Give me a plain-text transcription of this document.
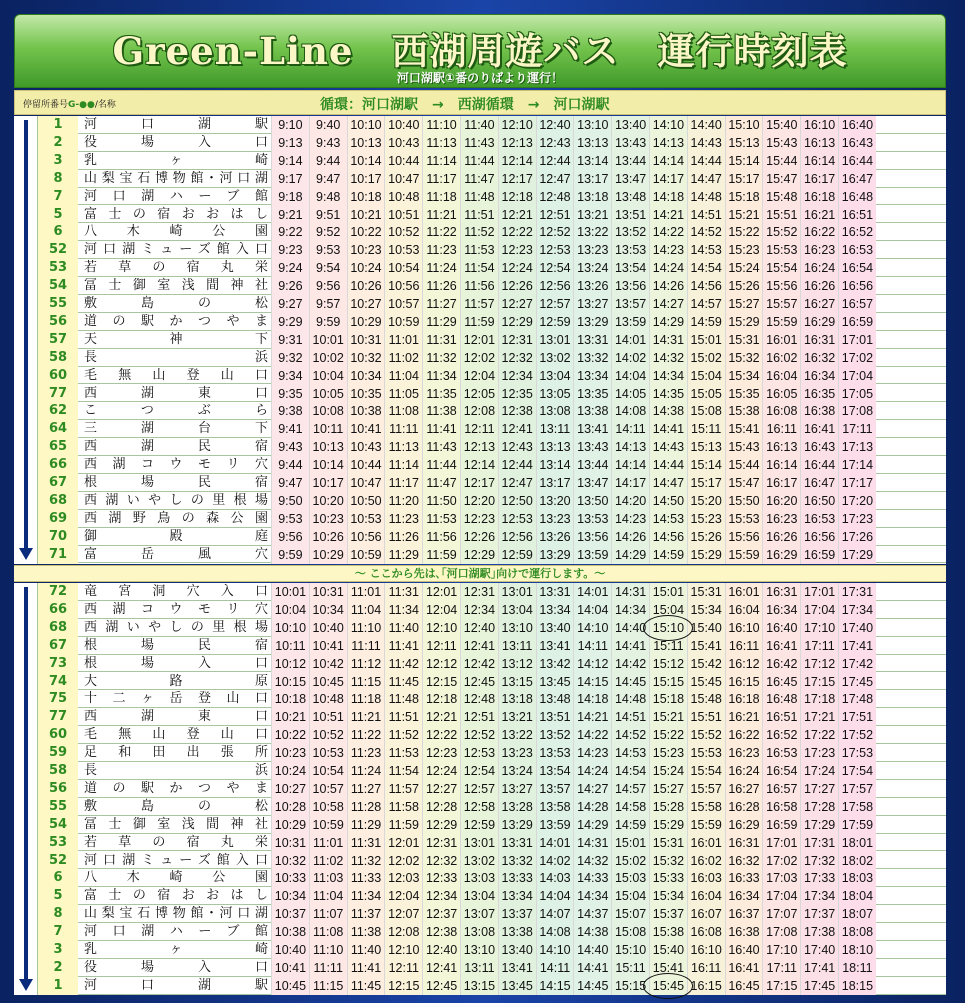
Green-Line　西湖周遊バス　運行時刻表
河口湖駅①番のりばより運行！
停留所番号G-●●/名称	循環：河口湖駅　→　西湖循環　→　河口湖駅
1	河口湖駅 9:10	9:40 10:10 10:40 11:10 11:40 12:10 12:40 13:10 13:40 14:10 14:40 15:10 15:40 16:10 16:40
2	役場入口 9:13	9:43 10:13 10:43 11:13 11:43 12:13 12:43 13:13 13:43 14:13 14:43 15:13 15:43 16:13 16:43
3	乳ヶ崎 9:14	9:44 10:14 10:44 11:14 11:44 12:14 12:44 13:14 13:44 14:14 14:44 15:14 15:44 16:14 16:44
8	山梨宝石博物館･河口湖 9:17	9:47 10:17 10:47 11:17 11:47 12:17 12:47 13:17 13:47 14:17 14:47 15:17 15:47 16:17 16:47
7	河口湖ハーブ館 9:18	9:48 10:18 10:48 11:18 11:48 12:18 12:48 13:18 13:48 14:18 14:48 15:18 15:48 16:18 16:48
5	富士の宿おおはし 9:21	9:51 10:21 10:51 11:21 11:51 12:21 12:51 13:21 13:51 14:21 14:51 15:21 15:51 16:21 16:51
6	八木崎公園 9:22	9:52 10:22 10:52 11:22 11:52 12:22 12:52 13:22 13:52 14:22 14:52 15:22 15:52 16:22 16:52
52	河口湖ミューズ館入口 9:23	9:53 10:23 10:53 11:23 11:53 12:23 12:53 13:23 13:53 14:23 14:53 15:23 15:53 16:23 16:53
53	若草の宿丸栄 9:24	9:54 10:24 10:54 11:24 11:54 12:24 12:54 13:24 13:54 14:24 14:54 15:24 15:54 16:24 16:54
54	冨士御室浅間神社 9:26	9:56 10:26 10:56 11:26 11:56 12:26 12:56 13:26 13:56 14:26 14:56 15:26 15:56 16:26 16:56
55	敷島の松 9:27	9:57 10:27 10:57 11:27 11:57 12:27 12:57 13:27 13:57 14:27 14:57 15:27 15:57 16:27 16:57
56	道の駅かつやま 9:29	9:59 10:29 10:59 11:29 11:59 12:29 12:59 13:29 13:59 14:29 14:59 15:29 15:59 16:29 16:59
57	天神下 9:31 10:01 10:31 11:01 11:31 12:01 12:31 13:01 13:31 14:01 14:31 15:01 15:31 16:01 16:31 17:01
58	長浜 9:32 10:02 10:32 11:02 11:32 12:02 12:32 13:02 13:32 14:02 14:32 15:02 15:32 16:02 16:32 17:02
60	毛無山登山口 9:34 10:04 10:34 11:04 11:34 12:04 12:34 13:04 13:34 14:04 14:34 15:04 15:34 16:04 16:34 17:04
77	西湖東口 9:35 10:05 10:35 11:05 11:35 12:05 12:35 13:05 13:35 14:05 14:35 15:05 15:35 16:05 16:35 17:05
62	こつぶら 9:38 10:08 10:38 11:08 11:38 12:08 12:38 13:08 13:38 14:08 14:38 15:08 15:38 16:08 16:38 17:08
64	三湖台下 9:41 10:11 10:41 11:11 11:41 12:11 12:41 13:11 13:41 14:11 14:41 15:11 15:41 16:11 16:41 17:11
65	西湖民宿 9:43 10:13 10:43 11:13 11:43 12:13 12:43 13:13 13:43 14:13 14:43 15:13 15:43 16:13 16:43 17:13
66	西湖コウモリ穴 9:44 10:14 10:44 11:14 11:44 12:14 12:44 13:14 13:44 14:14 14:44 15:14 15:44 16:14 16:44 17:14
67	根場民宿 9:47 10:17 10:47 11:17 11:47 12:17 12:47 13:17 13:47 14:17 14:47 15:17 15:47 16:17 16:47 17:17
68	西湖いやしの里根場 9:50 10:20 10:50 11:20 11:50 12:20 12:50 13:20 13:50 14:20 14:50 15:20 15:50 16:20 16:50 17:20
69	西湖野鳥の森公園 9:53 10:23 10:53 11:23 11:53 12:23 12:53 13:23 13:53 14:23 14:53 15:23 15:53 16:23 16:53 17:23
70	御殿庭 9:56 10:26 10:56 11:26 11:56 12:26 12:56 13:26 13:56 14:26 14:56 15:26 15:56 16:26 16:56 17:26
71	富岳風穴 9:59 10:29 10:59 11:29 11:59 12:29 12:59 13:29 13:59 14:29 14:59 15:29 15:59 16:29 16:59 17:29
～ ここから先は､｢河口湖駅｣向けで運行します。～
72	竜宮洞穴入口 10:01 10:31 11:01 11:31 12:01 12:31 13:01 13:31 14:01 14:31 15:01 15:31 16:01 16:31 17:01 17:31
66	西湖コウモリ穴 10:04 10:34 11:04 11:34 12:04 12:34 13:04 13:34 14:04 14:34 15:04 15:34 16:04 16:34 17:04 17:34
68	西湖いやしの里根場 10:10 10:40 11:10 11:40 12:10 12:40 13:10 13:40 14:10 14:40 15:10 15:40 16:10 16:40 17:10 17:40
67	根場民宿 10:11 10:41 11:11 11:41 12:11 12:41 13:11 13:41 14:11 14:41 15:11 15:41 16:11 16:41 17:11 17:41
73	根場入口 10:12 10:42 11:12 11:42 12:12 12:42 13:12 13:42 14:12 14:42 15:12 15:42 16:12 16:42 17:12 17:42
74	大路原 10:15 10:45 11:15 11:45 12:15 12:45 13:15 13:45 14:15 14:45 15:15 15:45 16:15 16:45 17:15 17:45
75	十二ヶ岳登山口 10:18 10:48 11:18 11:48 12:18 12:48 13:18 13:48 14:18 14:48 15:18 15:48 16:18 16:48 17:18 17:48
77	西湖東口 10:21 10:51 11:21 11:51 12:21 12:51 13:21 13:51 14:21 14:51 15:21 15:51 16:21 16:51 17:21 17:51
60	毛無山登山口 10:22 10:52 11:22 11:52 12:22 12:52 13:22 13:52 14:22 14:52 15:22 15:52 16:22 16:52 17:22 17:52
59	足和田出張所 10:23 10:53 11:23 11:53 12:23 12:53 13:23 13:53 14:23 14:53 15:23 15:53 16:23 16:53 17:23 17:53
58	長浜 10:24 10:54 11:24 11:54 12:24 12:54 13:24 13:54 14:24 14:54 15:24 15:54 16:24 16:54 17:24 17:54
56	道の駅かつやま 10:27 10:57 11:27 11:57 12:27 12:57 13:27 13:57 14:27 14:57 15:27 15:57 16:27 16:57 17:27 17:57
55	敷島の松 10:28 10:58 11:28 11:58 12:28 12:58 13:28 13:58 14:28 14:58 15:28 15:58 16:28 16:58 17:28 17:58
54	冨士御室浅間神社 10:29 10:59 11:29 11:59 12:29 12:59 13:29 13:59 14:29 14:59 15:29 15:59 16:29 16:59 17:29 17:59
53	若草の宿丸栄 10:31 11:01 11:31 12:01 12:31 13:01 13:31 14:01 14:31 15:01 15:31 16:01 16:31 17:01 17:31 18:01
52	河口湖ミューズ館入口 10:32 11:02 11:32 12:02 12:32 13:02 13:32 14:02 14:32 15:02 15:32 16:02 16:32 17:02 17:32 18:02
6	八木崎公園 10:33 11:03 11:33 12:03 12:33 13:03 13:33 14:03 14:33 15:03 15:33 16:03 16:33 17:03 17:33 18:03
5	富士の宿おおはし 10:34 11:04 11:34 12:04 12:34 13:04 13:34 14:04 14:34 15:04 15:34 16:04 16:34 17:04 17:34 18:04
8	山梨宝石博物館･河口湖 10:37 11:07 11:37 12:07 12:37 13:07 13:37 14:07 14:37 15:07 15:37 16:07 16:37 17:07 17:37 18:07
7	河口湖ハーブ館 10:38 11:08 11:38 12:08 12:38 13:08 13:38 14:08 14:38 15:08 15:38 16:08 16:38 17:08 17:38 18:08
3	乳ヶ崎 10:40 11:10 11:40 12:10 12:40 13:10 13:40 14:10 14:40 15:10 15:40 16:10 16:40 17:10 17:40 18:10
2	役場入口 10:41 11:11 11:41 12:11 12:41 13:11 13:41 14:11 14:41 15:11 15:41 16:11 16:41 17:11 17:41 18:11
1	河口湖駅 10:45 11:15 11:45 12:15 12:45 13:15 13:45 14:15 14:45 15:15 15:45 16:15 16:45 17:15 17:45 18:15
